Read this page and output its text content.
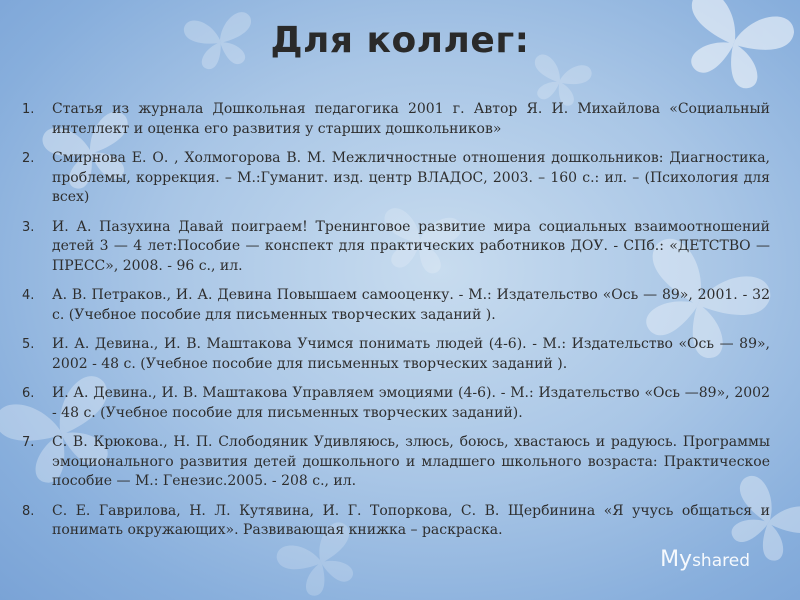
Для коллег:
1.	Статья из журнала Дошкольная педагогика 2001 г. Автор Я. И. Михайлова «Социальный интеллект и оценка его развития у старших дошкольников»
2.	Смирнова Е. О. , Холмогорова В. М. Межличностные отношения дошкольников: Диагностика, проблемы, коррекция. – М.:Гуманит. изд. центр ВЛАДОС, 2003. – 160 с.: ил. – (Психология для всех)
3.	И. А. Пазухина Давай поиграем! Тренинговое развитие мира социальных взаимоотношений детей 3 — 4 лет:Пособие — конспект для практических работников ДОУ. - СПб.: «ДЕТСТВО — ПРЕСС», 2008. - 96 с., ил.
4.	А. В. Петраков., И. А. Девина Повышаем самооценку. - М.: Издательство «Ось — 89», 2001. - 32 с. (Учебное пособие для письменных творческих заданий ).
5.	И. А. Девина., И. В. Маштакова Учимся понимать людей (4-6). - М.: Издательство «Ось — 89», 2002 - 48 с. (Учебное пособие для письменных творческих заданий ).
6.	И. А. Девина., И. В. Маштакова Управляем эмоциями (4-6). - М.: Издательство «Ось —89», 2002 - 48 с. (Учебное пособие для письменных творческих заданий).
7.	С. В. Крюкова., Н. П. Слободяник Удивляюсь, злюсь, боюсь, хвастаюсь и радуюсь. Программы эмоционального развития детей дошкольного и младшего школьного возраста: Практическое пособие — М.: Генезис.2005. - 208 с., ил.
8.	С. Е. Гаврилова, Н. Л. Кутявина, И. Г. Топоркова, С. В. Щербинина «Я учусь общаться и понимать окружающих». Развивающая книжка – раскраска.
Myshared
